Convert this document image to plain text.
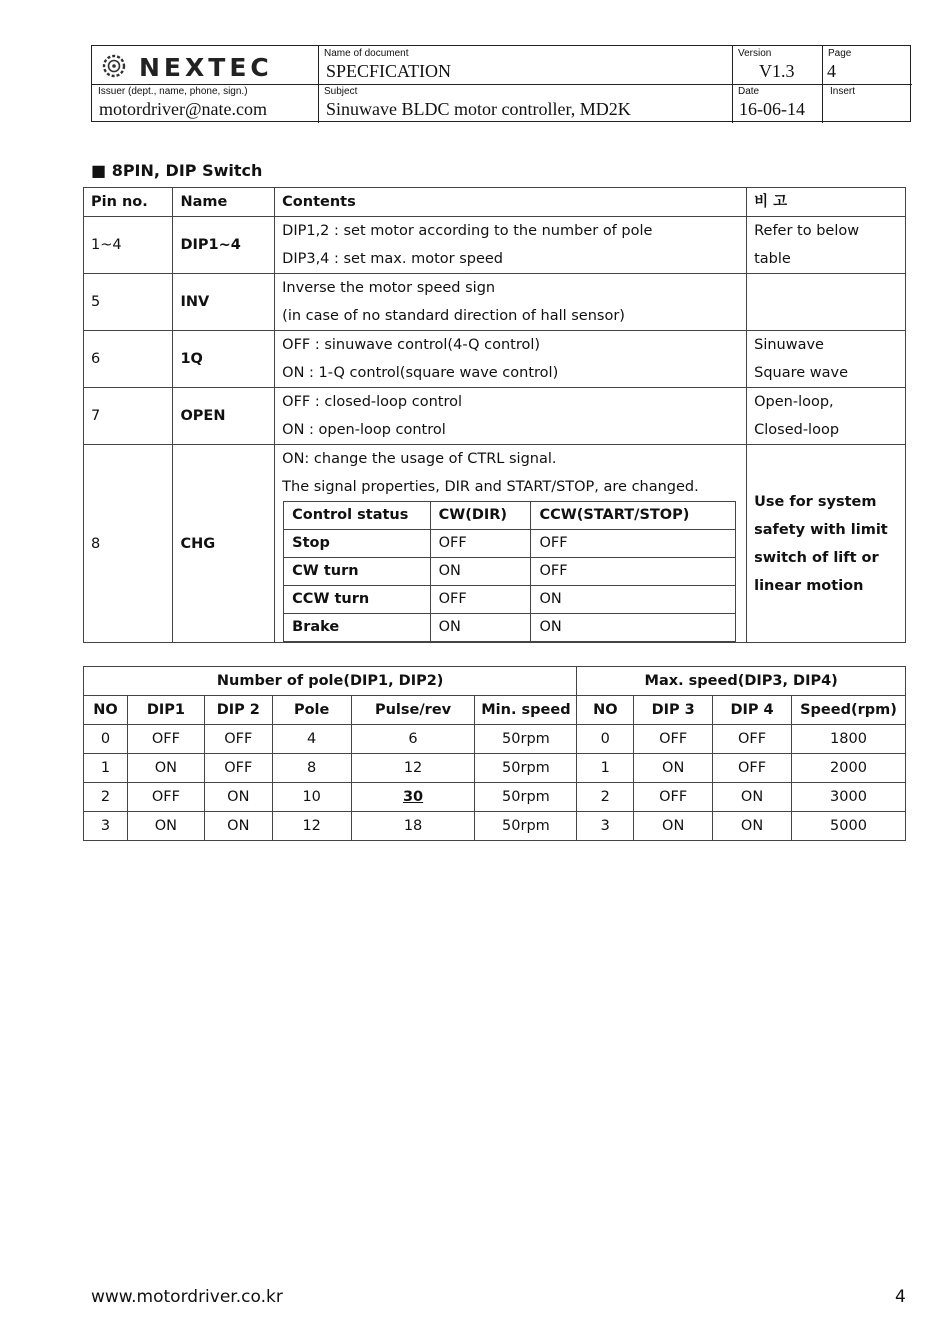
NEXTEC	Name of document
SPECFICATION
Version
V1.3
Page
4
Issuer (dept., name, phone, sign.)
motordriver@nate.com
Subject
Sinuwave BLDC motor controller, MD2K
Date
16-06-14
Insert
■ 8PIN, DIP Switch
Pin no.	Name	Contents	비 고
1~4	DIP1~4	
DIP1,2 : set motor according to the number of pole
DIP3,4 : set max. motor speed

Refer to below
table

5	INV	
Inverse the motor speed sign
(in case of no standard direction of hall sensor)

6	1Q	
OFF : sinuwave control(4-Q control)
ON : 1-Q control(square wave control)

Sinuwave
Square wave

7	OPEN	
OFF : closed-loop control
ON : open-loop control

Open-loop,
Closed-loop

8	CHG	
ON: change the usage of CTRL signal.
The signal properties, DIR and START/STOP, are changed.
Control status	CW(DIR)	CCW(START/STOP)
Stop	OFF	OFF
CW turn	ON	OFF
CCW turn	OFF	ON
Brake	ON	ON

Use for system
safety with limit
switch of lift or
linear motion
Number of pole(DIP1, DIP2)						Max. speed(DIP3, DIP4)			
NO	DIP1	DIP 2	Pole	Pulse/rev	Min. speed	NO	DIP 3	DIP 4	Speed(rpm)
0	OFF	OFF	4	6	50rpm	0	OFF	OFF	1800
1	ON	OFF	8	12	50rpm	1	ON	OFF	2000
2	OFF	ON	10	30	50rpm	2	OFF	ON	3000
3	ON	ON	12	18	50rpm	3	ON	ON	5000
www.motordriver.co.kr	4
